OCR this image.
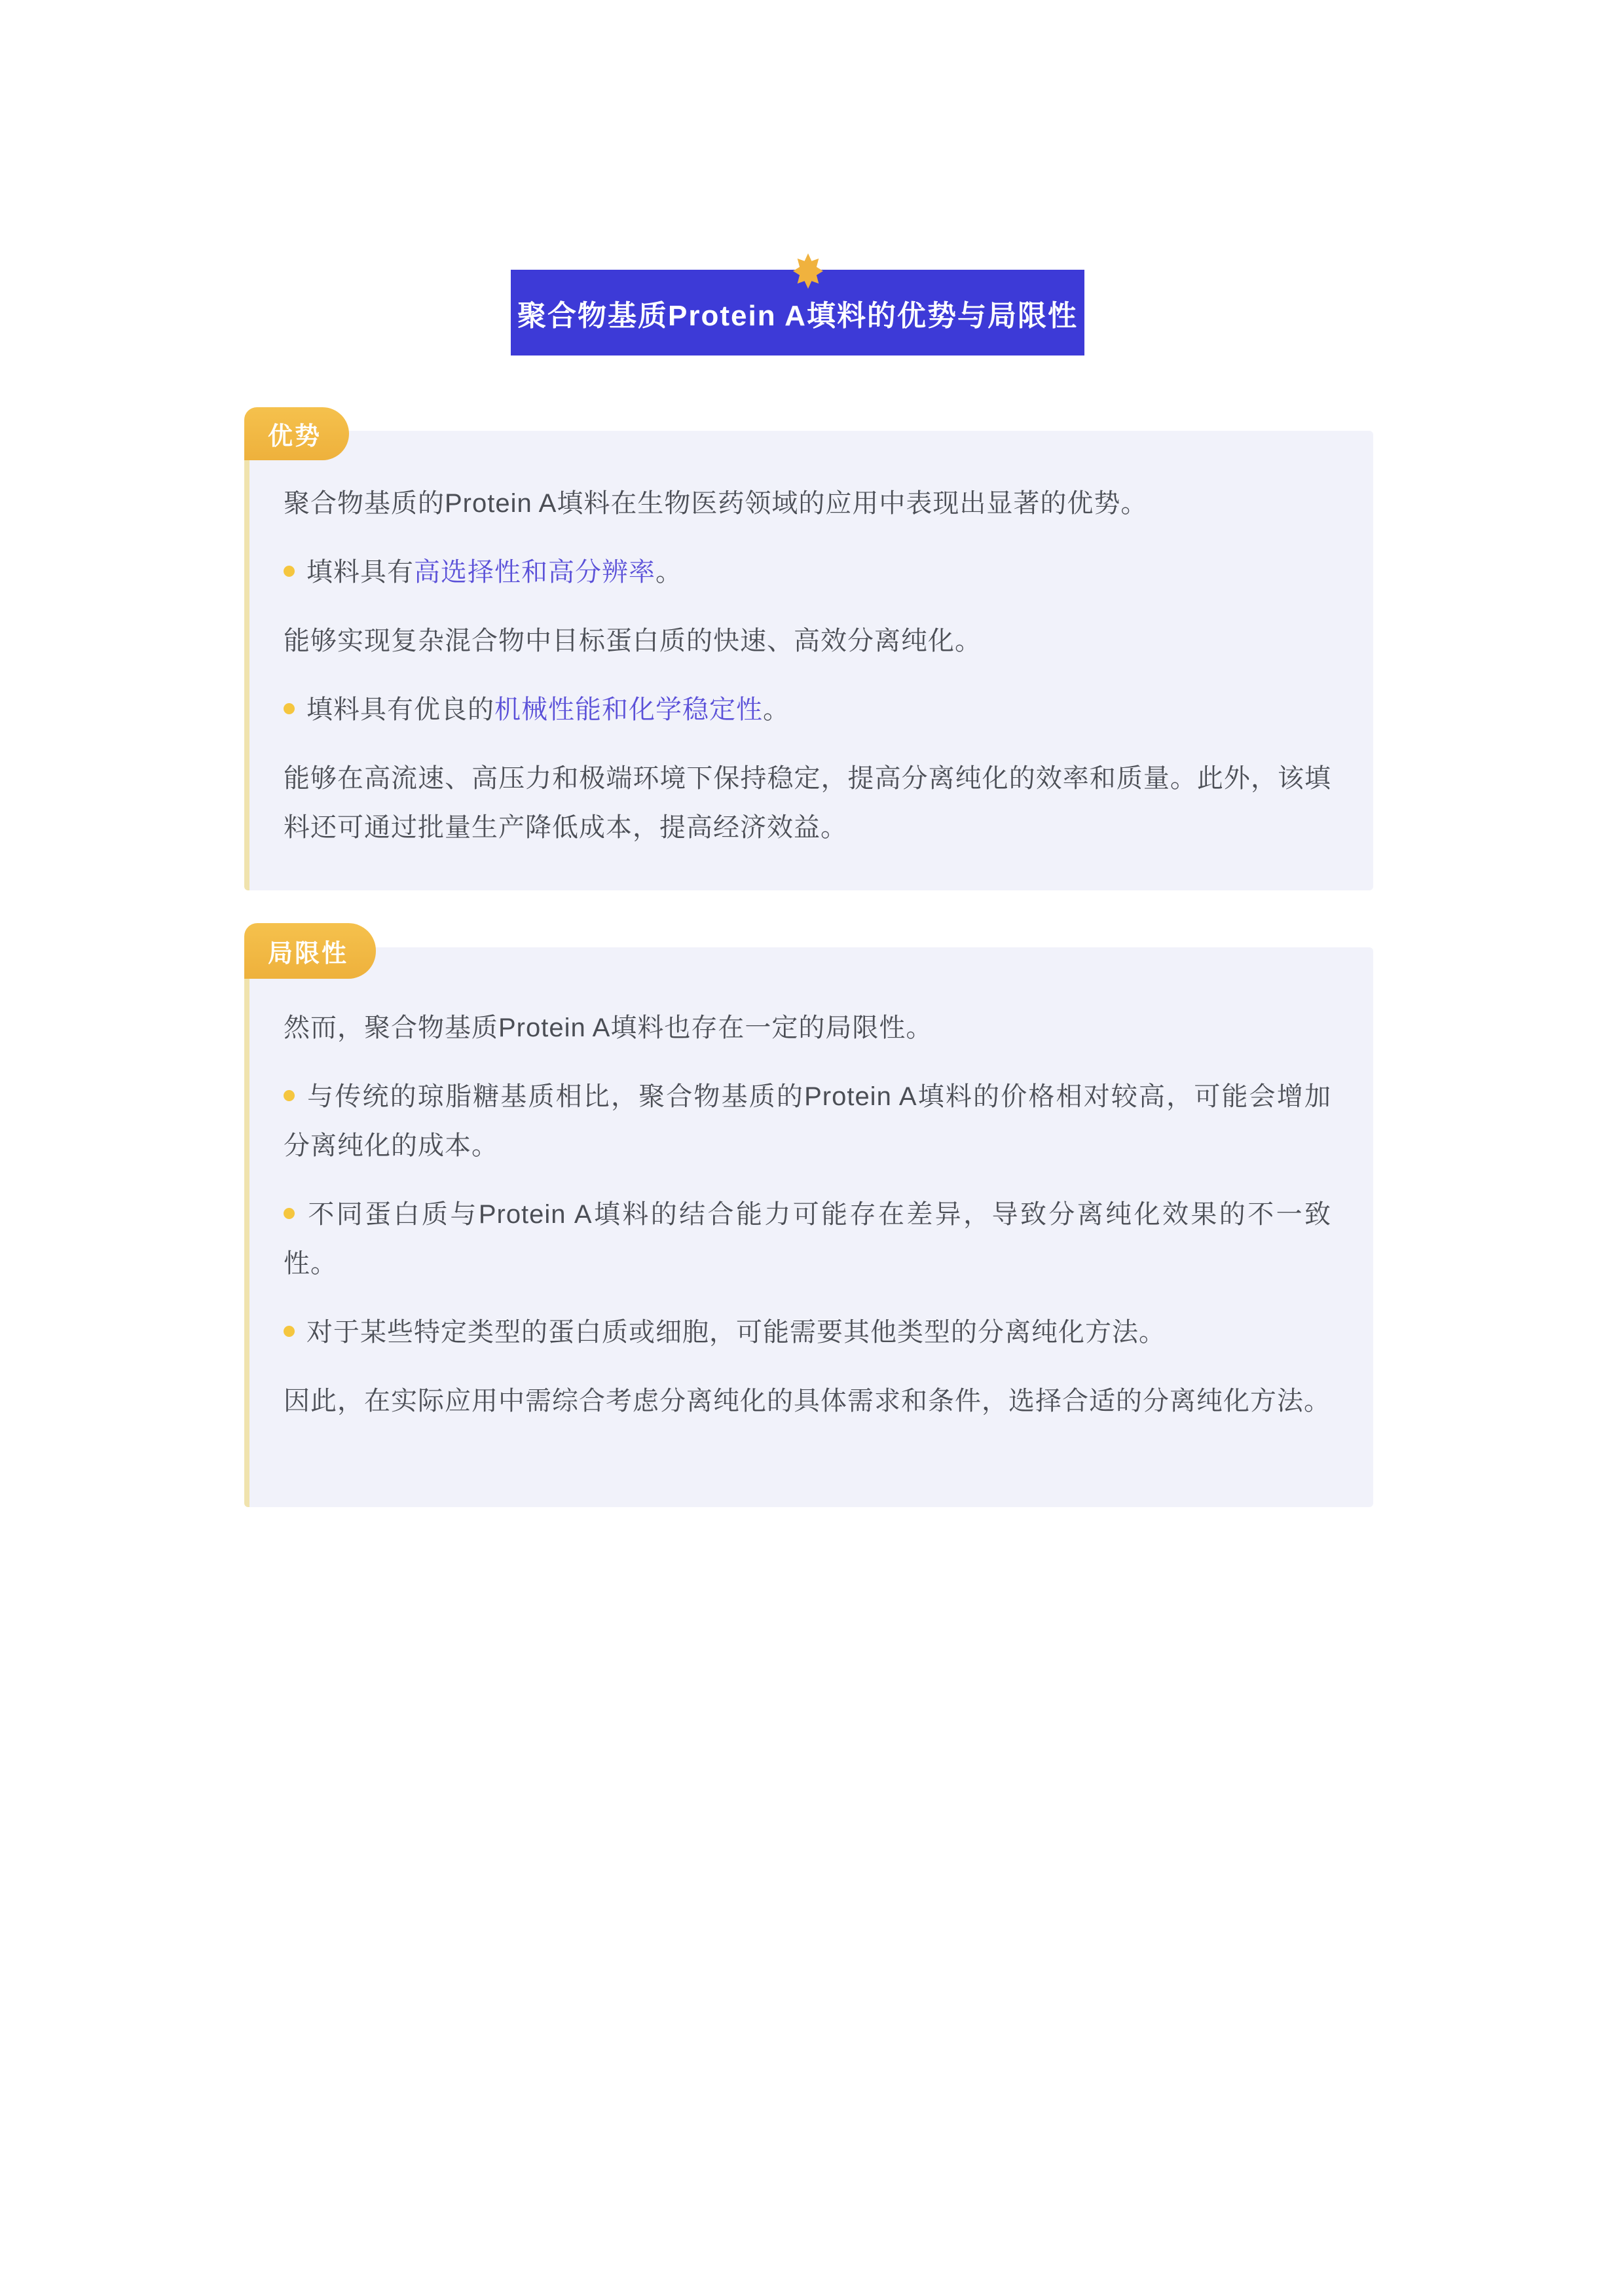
聚合物基质Protein A填料的优势与局限性
优势

聚合物基质的Protein A填料在生物医药领域的应用中表现出显著的优势。

填料具有高选择性和高分辨率。

能够实现复杂混合物中目标蛋白质的快速、高效分离纯化。

填料具有优良的机械性能和化学稳定性。

能够在高流速、高压力和极端环境下保持稳定，提高分离纯化的效率和质量。此外，该填料还可通过批量生产降低成本，提高经济效益。

局限性

然而，聚合物基质Protein A填料也存在一定的局限性。

与传统的琼脂糖基质相比，聚合物基质的Protein A填料的价格相对较高，可能会增加分离纯化的成本。

不同蛋白质与Protein A填料的结合能力可能存在差异，导致分离纯化效果的不一致性。

对于某些特定类型的蛋白质或细胞，可能需要其他类型的分离纯化方法。

因此，在实际应用中需综合考虑分离纯化的具体需求和条件，选择合适的分离纯化方法。
